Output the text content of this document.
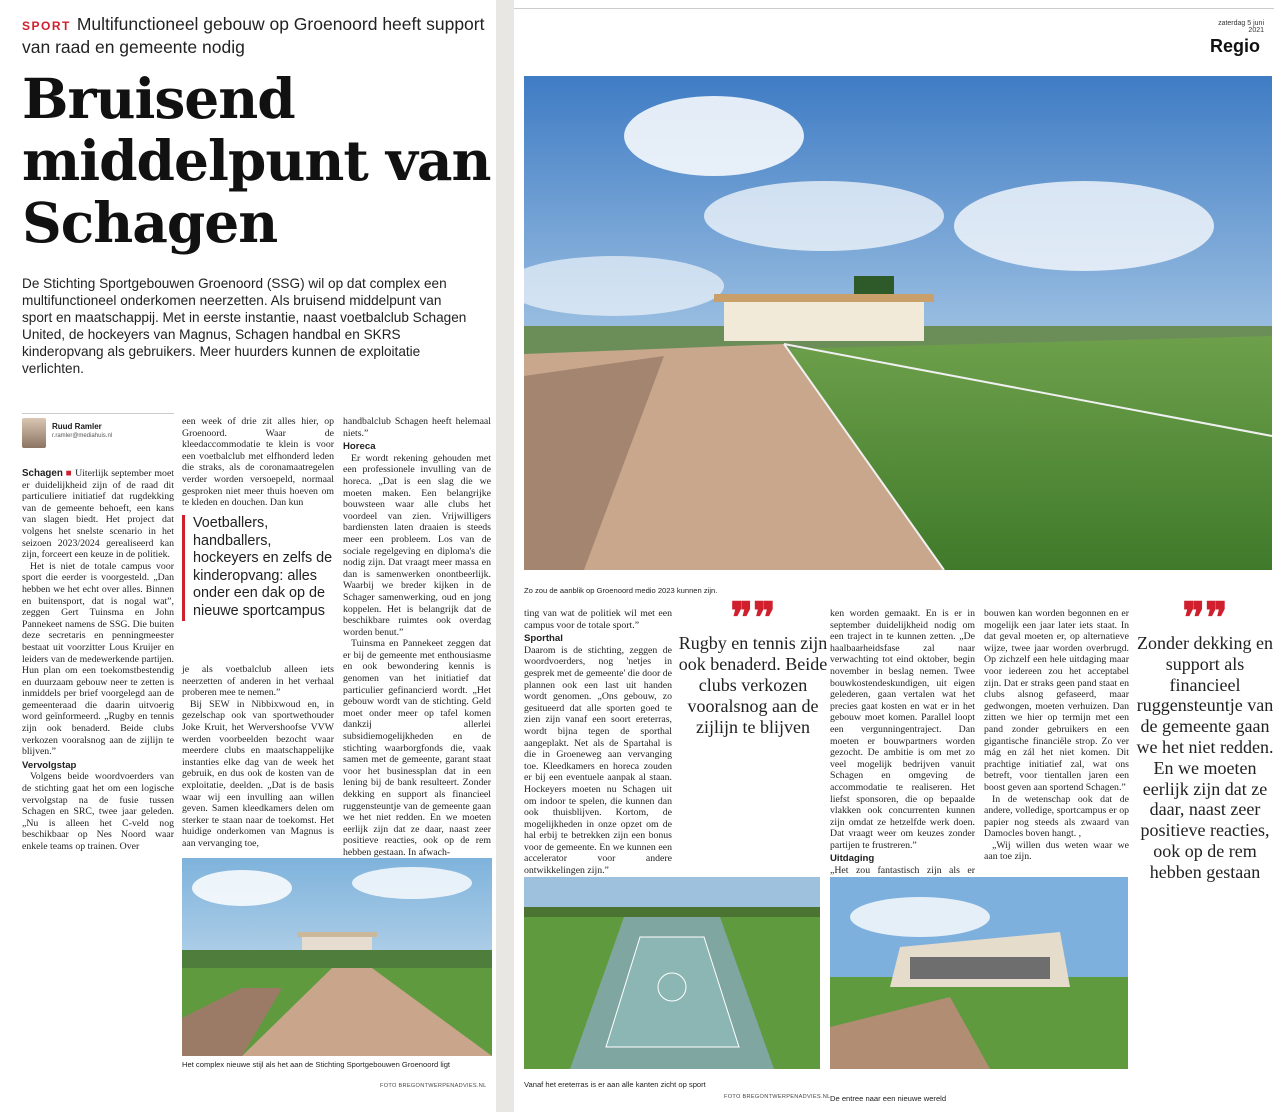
SPORT Multifunctioneel gebouw op Groenoord heeft support van raad en gemeente nodig
Bruisend middelpunt van Schagen

De Stichting Sportgebouwen Groenoord (SSG) wil op dat complex een multifunctioneel onderkomen neerzetten. Als bruisend middelpunt van sport en maatschappij. Met in eerste instantie, naast voetbalclub Schagen United, de hockeyers van Magnus, Schagen handbal en SKRS kinderopvang als gebruikers. Meer huurders kunnen de exploitatie verlichten.

Ruud Ramler
r.ramler@mediahuis.nl

Schagen ■ Uiterlijk september moet er duidelijkheid zijn of de raad dit particuliere initiatief dat rugdekking van de gemeente behoeft, een kans van slagen biedt. Het project dat volgens het snelste scenario in het seizoen 2023/2024 gerealiseerd kan zijn, forceert een keuze in de politiek.

Het is niet de totale campus voor sport die eerder is voorgesteld. „Dan hebben we het echt over alles. Binnen en buitensport, dat is nogal wat”, zeggen Gert Tuinsma en John Pannekeet namens de SSG. Die buiten deze secretaris en penningmeester bestaat uit voorzitter Lous Kruijer en leiders van de medewerkende partijen. Hun plan om een toekomstbestendig en duurzaam gebouw neer te zetten is inmiddels per brief voorgelegd aan de gemeenteraad die daarin uitvoerig word geïnformeerd. „Rugby en tennis zijn ook benaderd. Beide clubs verkozen vooralsnog aan de zijlijn te blijven.”

Vervolgstap

Volgens beide woordvoerders van de stichting gaat het om een logische vervolgstap na de fusie tussen Schagen en SRC, twee jaar geleden. „Nu is alleen het C-veld nog beschikbaar op Nes Noord waar enkele teams op trainen. Over

een week of drie zit alles hier, op Groenoord. Waar de kleedaccommodatie te klein is voor een voetbalclub met elfhonderd leden die straks, als de coronamaatregelen verder worden versoepeld, normaal gesproken niet meer thuis hoeven om te kleden en douchen. Dan kun

Voetballers, handballers, hockeyers en zelfs de kinderopvang: alles onder een dak op de nieuwe sportcampus

je als voetbalclub alleen iets neerzetten of anderen in het verhaal proberen mee te nemen.”

Bij SEW in Nibbixwoud en, in gezelschap ook van sportwethouder Joke Kruit, het Wervershoofse VVW werden voorbeelden bezocht waar meerdere clubs en maatschappelijke instanties elke dag van de week het gebruik, en dus ook de kosten van de exploitatie, deelden. „Dat is de basis waar wij een invulling aan willen geven. Samen kleedkamers delen om sterker te staan naar de toekomst. Het huidige onderkomen van Magnus is aan vervanging toe,

handbalclub Schagen heeft helemaal niets.”

Horeca

Er wordt rekening gehouden met een professionele invulling van de horeca. „Dat is een slag die we moeten maken. Een belangrijke bouwsteen waar alle clubs het voordeel van zien. Vrijwilligers bardiensten laten draaien is steeds meer een probleem. Los van de sociale regelgeving en diploma's die nodig zijn. Dat vraagt meer massa en dan is samenwerken onontbeerlijk. Waarbij we breder kijken in de Schager samenwerking, oud en jong koppelen. Het is belangrijk dat de beschikbare ruimtes ook overdag worden benut.”

Tuinsma en Pannekeet zeggen dat er bij de gemeente met enthousiasme en ook bewondering kennis is genomen van het initiatief dat particulier gefinancierd wordt. „Het gebouw wordt van de stichting. Geld moet onder meer op tafel komen dankzij allerlei subsidiemogelijkheden en de stichting waarborgfonds die, vaak samen met de gemeente, garant staat voor het businessplan dat in een lening bij de bank resulteert. Zonder dekking en support als financieel ruggensteuntje van de gemeente gaan we het niet redden. En we moeten eerlijk zijn dat ze daar, naast zeer positieve reacties, ook op de rem hebben gestaan. In afwach-

Het complex nieuwe stijl als het aan de Stichting Sportgebouwen Groenoord ligt
FOTO BREGONTWERPENADVIES.NL
zaterdag 5 juni 2021
Regio
Zo zou de aanblik op Groenoord medio 2023 kunnen zijn.

ting van wat de politiek wil met een campus voor de totale sport.”

Sporthal

Daarom is de stichting, zeggen de woordvoerders, nog 'netjes in gesprek met de gemeente' die door de plannen ook een last uit handen wordt genomen. „Ons gebouw, zo gesitueerd dat alle sporten goed te zien zijn vanaf een soort ereterras, wordt bijna tegen de sporthal aangeplakt. Net als de Spartahal is die in Groeneweg aan vervanging toe. Kleedkamers en horeca zouden er bij een eventuele aanpak al staan. Hockeyers moeten nu Schagen uit om indoor te spelen, die kunnen dan ook thuisblijven. Kortom, de mogelijkheden in onze opzet om de hal erbij te betrekken zijn een bonus voor de gemeente. En we kunnen een accelerator voor andere ontwikkelingen zijn.”

❞❞
Rugby en tennis zijn ook benaderd. Beide clubs verkozen vooralsnog aan de zijlijn te blijven

ken worden gemaakt. En is er in september duidelijkheid nodig om een traject in te kunnen zetten. „De haalbaarheidsfase zal naar verwachting tot eind oktober, begin november in beslag nemen. Twee bouwkostendeskundigen, uit eigen gelederen, gaan vertalen wat het precies gaat kosten en wat er in het gebouw moet komen. Parallel loopt een vergunningentraject. Dan moeten er bouwpartners worden gezocht. De ambitie is om met zo veel mogelijk bedrijven vanuit Schagen en omgeving de accommodatie te realiseren. Het liefst sponsoren, die op bepaalde vlakken ook concurrenten kunnen zijn omdat ze hetzelfde werk doen. Dat vraagt weer om keuzes zonder partijen te frustreren.”

Uitdaging

„Het zou fantastisch zijn als er

bouwen kan worden begonnen en er mogelijk een jaar later iets staat. In dat geval moeten er, op alternatieve wijze, twee jaar worden overbrugd. Op zichzelf een hele uitdaging maar voor iedereen zou het acceptabel zijn. Dat er straks geen pand staat en clubs alsnog gefaseerd, maar gedwongen, moeten verhuizen. Dan zitten we hier op termijn met een pand zonder gebruikers en een gigantische financiële strop. Zo ver mág en zál het niet komen. Dit prachtige initiatief zal, wat ons betreft, voor tientallen jaren een boost geven aan sportend Schagen.”

In de wetenschap ook dat de andere, volledige, sportcampus er op papier nog steeds als zwaard van Damocles boven hangt. ,

„Wij willen dus weten waar we aan toe zijn.

❞❞
Zonder dekking en support als financieel ruggensteuntje van de gemeente gaan we het niet redden. En we moeten eerlijk zijn dat ze daar, naast zeer positieve reacties, ook op de rem hebben gestaan
Vanaf het ereterras is er aan alle kanten zicht op sport
FOTO BREGONTWERPENADVIES.NL De entree naar een nieuwe wereld
